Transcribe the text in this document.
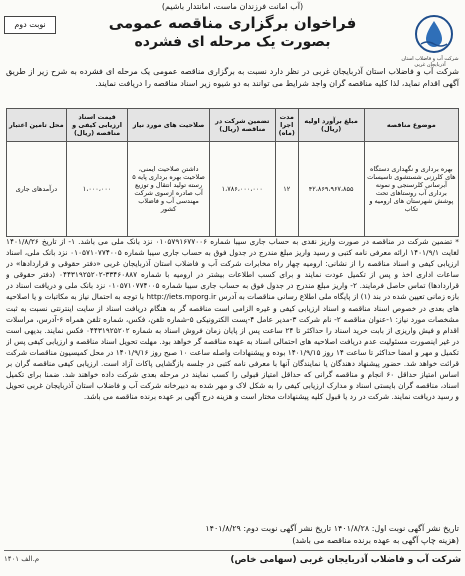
(آب امانت فرزندان ماست، امانتدار باشیم)
نوبت دوم
شرکت آب و فاضلاب استان آذربایجان غربی
فراخوان برگزاری مناقصه عمومی
بصورت یک مرحله ای فشرده
شرکت آب و فاضلاب استان آذربایجان غربی در نظر دارد نسبت به برگزاری مناقصه عمومی یک مرحله ای فشرده به شرح زیر از طریق آگهی اقدام نماید، لذا کلیه مناقصه گران واجد شرایط می توانند به دو شیوه زیر اسناد مناقصه را دریافت نمایند.
موضوع مناقصه	مبلغ برآورد اولیه (ریال)	مدت اجرا (ماه)	تضمین شرکت در مناقصه (ریال)	صلاحیت های مورد نیاز	قیمت اسناد ارزیابی کیفی و مناقصه (ریال)	محل تامین اعتبار
بهره برداری و نگهداری دستگاه های کلرزنی شستشوی تاسیسات آبرسانی کلرسنجی و نمونه برداری آب روستاهای تحت پوشش شهرستان های ارومیه و تکاب	۴۲،۸۶۹،۹۶۷،۸۵۵	۱۲	۱،۷۸۶،۰۰۰،۰۰۰	داشتن صلاحیت ایمنی، صلاحیت بهره برداری پایه ۵ رسته تولید انتقال و توزیع آب صادره ازسوی شرکت مهندسی آب و فاضلاب کشور	۱،۰۰۰،۰۰۰	درآمدهای جاری
* تضمین شرکت در مناقصه در صورت واریز نقدی به حساب جاری سیبا شماره ۰۱۰۵۷۹۱۶۷۷۰۰۶ نزد بانک ملی می باشد. ۱- از تاریخ ۱۴۰۱/۸/۲۶ لغایت ۱۴۰۱/۹/۱ ارائه معرفی نامه کتبی و رسید واریز مبلغ مندرج در جدول فوق به حساب جاری سیبا شماره ۰۱۰۵۷۱۰۷۷۴۰۰۵ نزد بانک ملی، اسناد ارزیابی کیفی و اسناد مناقصه را از نشانی: ارومیه چهار راه مخابرات شرکت آب و فاضلاب استان آذربایجان غربی «دفتر حقوقی و قراردادها» در ساعات اداری اخذ و پس از تکمیل عودت نمایند و برای کسب اطلاعات بیشتر در ارومیه با شماره ۳۳۴۶۰۸۸۷-۰۴۴۳۱۹۲۵۲۰۲ (دفتر حقوقی و قراردادها) تماس حاصل فرمایند. ۲- واریز مبلغ مندرج در جدول فوق به حساب جاری سیبا شماره ۰۱۰۵۷۱۰۷۷۴۰۰۵ نزد بانک ملی و دریافت اسناد در بازه زمانی تعیین شده در بند (۱) از پایگاه ملی اطلاع رسانی مناقصات به آدرس http://iets.mporg.ir با توجه به احتمال نیاز به مکاتبات و یا اصلاحیه های بعدی در خصوص اسناد مناقصه و اسناد ارزیابی کیفی و غیره الزامی است مناقصه گر به هنگام دریافت اسناد از سایت اینترنتی نسبت به ثبت مشخصات مورد نیاز: ۱-عنوان مناقصه ۲- نام شرکت ۳-مدیر عامل ۴-پست الکترونیکی ۵-شماره تلفن، فکس، شماره تلفن همراه ۶-آدرس، مراسلات اقدام و فیش واریزی از بابت خرید اسناد را حداکثر تا ۲۴ ساعت پس از پایان زمان فروش اسناد به شماره ۰۴۴۳۱۹۲۵۲۰۲ فکس نمایند. بدیهی است در غیر اینصورت مسئولیت عدم دریافت اصلاحیه های احتمالی اسناد به عهده مناقصه گر خواهد بود. مهلت تحویل اسناد مناقصه و ارزیابی کیفی پس از تکمیل و مهر و امضا حداکثر تا ساعت ۱۴ روز ۱۴۰۱/۹/۱۵ بوده و پیشنهادات واصله ساعت ۱۰ صبح روز ۱۴۰۱/۹/۱۶ در محل کمیسیون مناقصات شرکت قرائت خواهد شد. حضور پیشنهاد دهندگان یا نمایندگان آنها با معرفی نامه کتبی در جلسه بازگشایی پاکات آزاد است. ارزیابی کیفی مناقصه گران بر اساس امتیاز حداقل ۶۰ انجام و مناقصه گرانی که حداقل امتیاز قبولی را کسب نمایند در مرحله بعدی شرکت داده خواهند شد. ضمنا برای تکمیل اسناد، مناقصه گران بایستی اسناد و مدارک ارزیابی کیفی را به شکل لاک و مهر شده به دبیرخانه شرکت آب و فاضلاب استان آذربایجان غربی تحویل و رسید دریافت نمایند. شرکت در رد یا قبول کلیه پیشنهادات مختار است و هزینه درج آگهی بر عهده برنده مناقصه می باشد.
تاریخ نشر آگهی نوبت اول: ۱۴۰۱/۸/۲۸ تاریخ نشر آگهی نوبت دوم: ۱۴۰۱/۸/۲۹
(هزینه چاپ آگهی به عهده برنده مناقصه می باشد)
شرکت آب و فاضلاب آذربایجان غربی (سهامی خاص)
م.الف ۱۴۰۱
